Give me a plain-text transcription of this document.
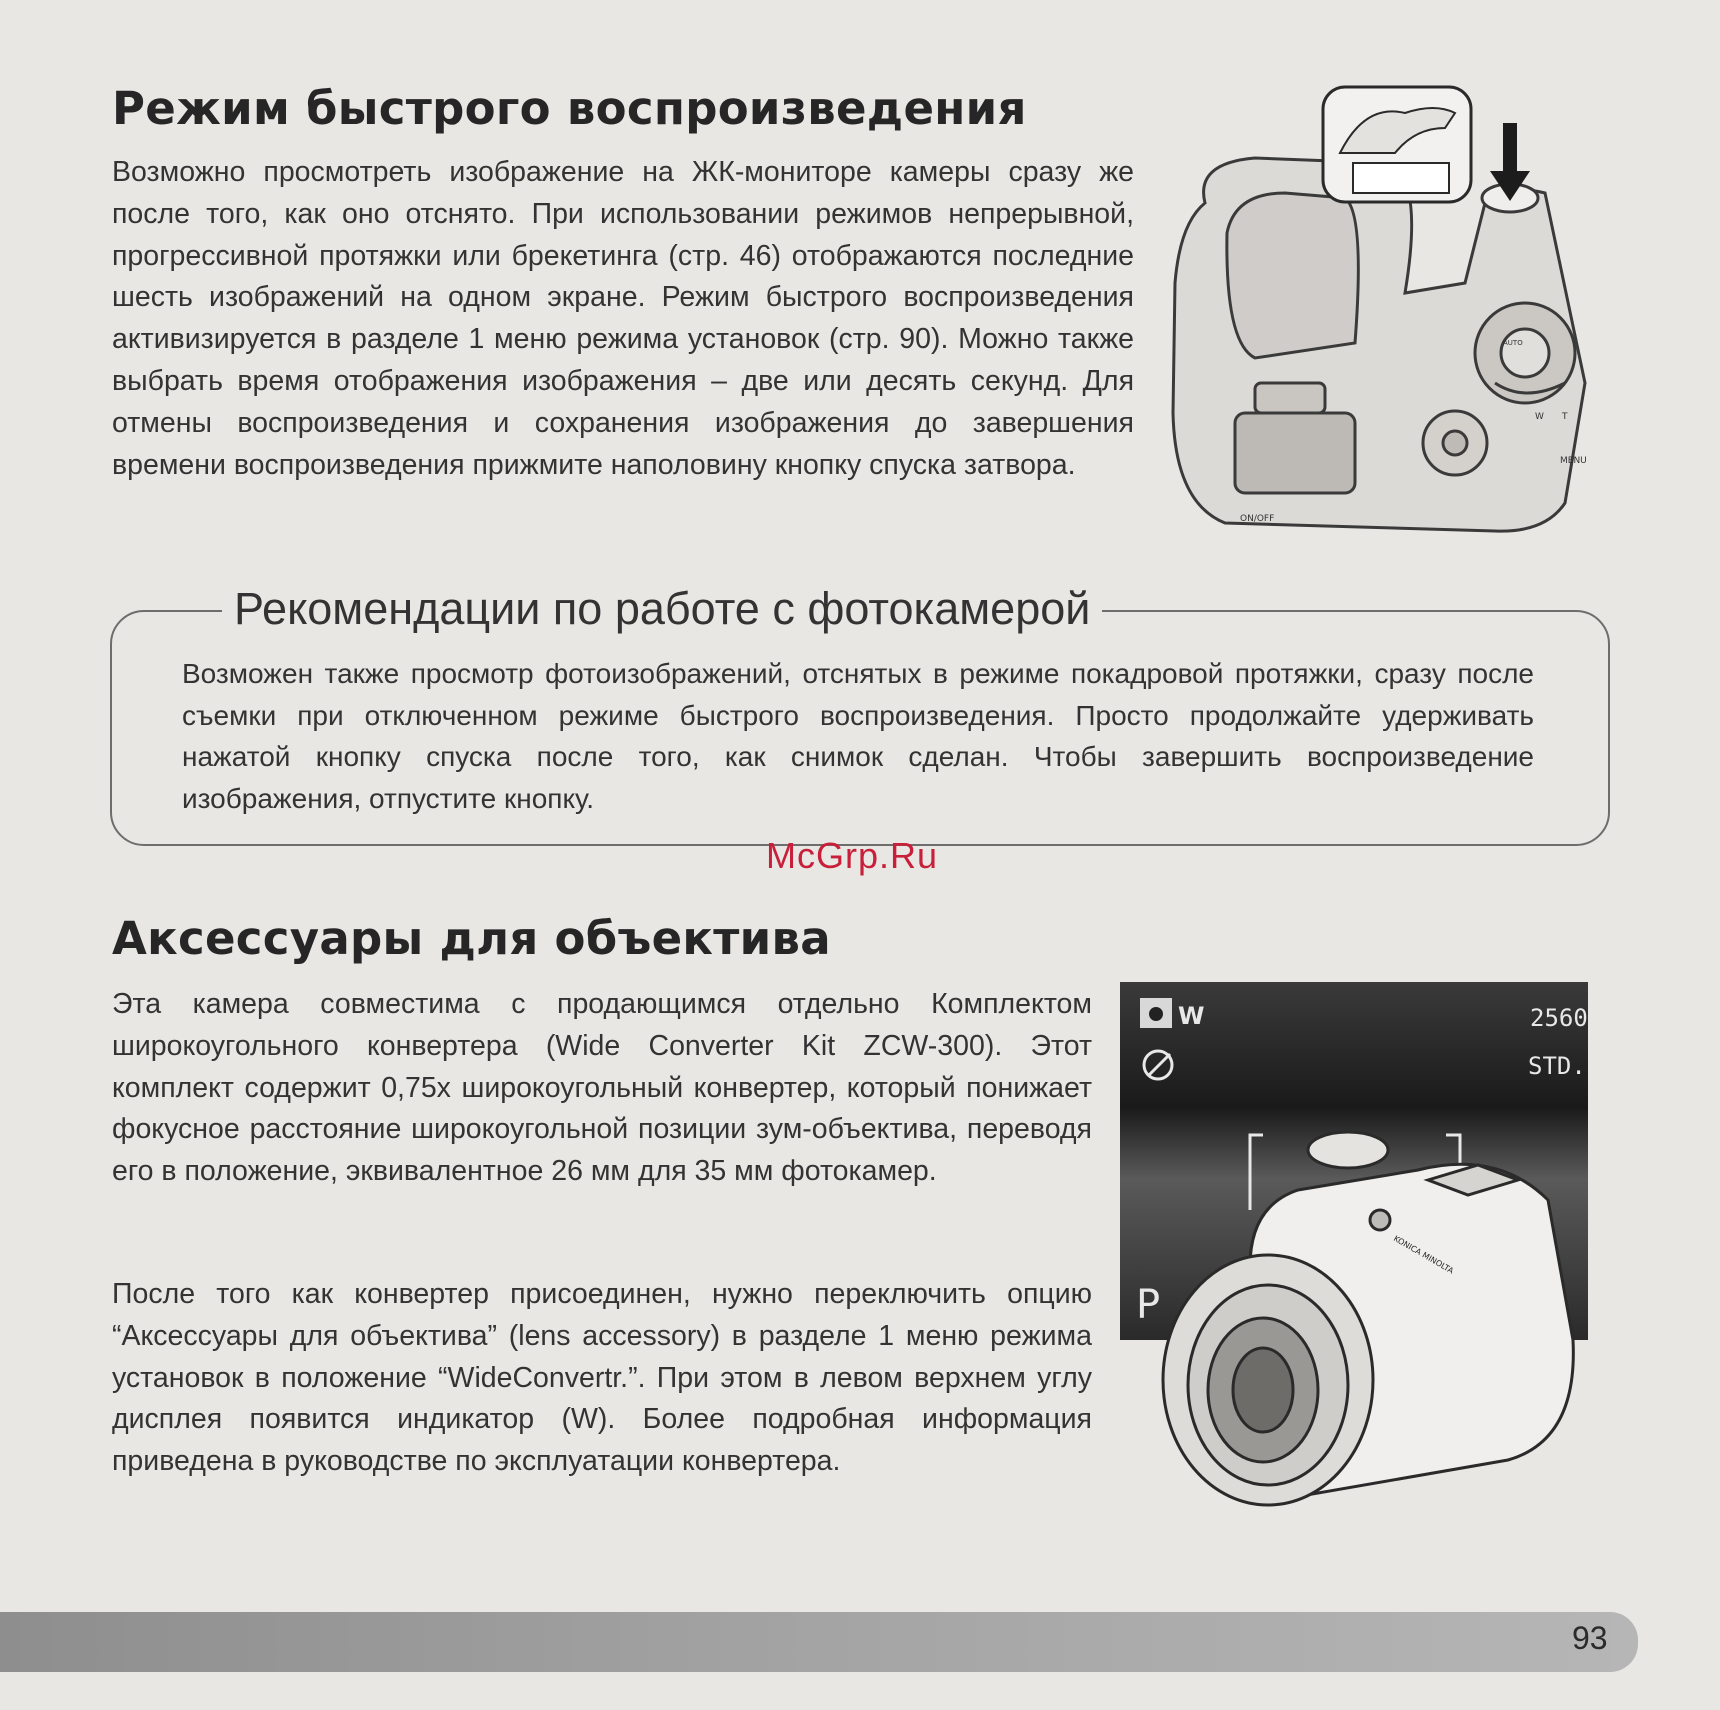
Режим быстрого воспроизведения

Возможно просмотреть изображение на ЖК-мониторе камеры сразу же после того, как оно отснято. При использовании режимов непрерывной, прогрессивной протяжки или брекетинга (стр. 46) отображаются последние шесть изображений на одном экране. Режим быстрого воспроизведения активизируется в разделе 1 меню режима установок (стр. 90). Можно также выбрать время отображения изображения – две или десять секунд. Для отмены воспроизведения и сохранения изображения до завершения времени воспроизведения прижмите наполовину кнопку спуска затвора.

ON/OFF
MENU
AUTO
W T
Рекомендации по работе с фотокамерой

Возможен также просмотр фотоизображений, отснятых в режиме покадровой протяжки, сразу после съемки при отключенном режиме быстрого воспроизведения. Просто продолжайте удерживать нажатой кнопку спуска после того, как снимок сделан. Чтобы завершить воспроизведение изображения, отпустите кнопку.

McGrp.Ru

Аксессуары для объектива

Эта камера совместима с продающимся отдельно Комплектом широкоугольного конвертера (Wide Converter Kit ZCW-300). Этот комплект содержит 0,75x широкоугольный конвертер, который понижает фокусное расстояние широкоугольной позиции зум-объектива, переводя его в положение, эквивалентное 26 мм для 35 мм фотокамер.

После того как конвертер присоединен, нужно переключить опцию “Аксессуары для объектива” (lens accessory) в разделе 1 меню режима установок в положение “WideConvertr.”. При этом в левом верхнем углу дисплея появится индикатор (W). Более подробная информация приведена в руководстве по эксплуатации конвертера.

W	2560
STD.
P
KONICA MINOLTA

93
